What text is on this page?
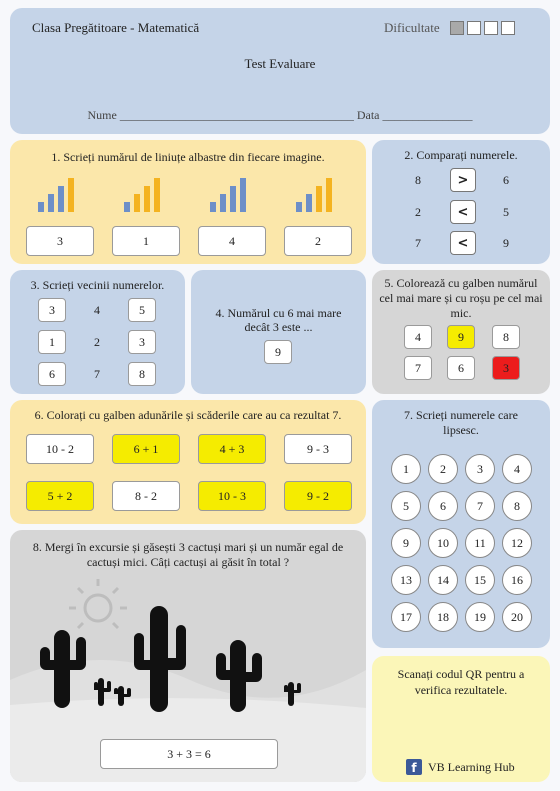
Clasa Pregătitoare - Matematică	Dificultate
Test Evaluare
Nume _______________________________________ Data _______________
1. Scrieți numărul de liniuțe albastre din fiecare imagine.
3	1	4	2
2. Comparați numerele.
8	>	6
2	<	5
7	<	9
3. Scrieți vecinii numerelor.
3	4	5
1	2	3
6	7	8
4. Numărul cu 6 mai mare decât 3 este ...
9
5. Colorează cu galben numărul cel mai mare și cu roșu pe cel mai mic.
4	9	8
7	6	3
6. Colorați cu galben adunările și scăderile care au ca rezultat 7.
10 - 2	6 + 1	4 + 3	9 - 3
5 + 2	8 - 2	10 - 3	9 - 2
7. Scrieți numerele care lipsesc.
1	2	3	4
5	6	7	8
9	10	11	12
13	14	15	16
17	18	19	20
8. Mergi în excursie și găsești 3 cactuși mari și un număr egal de cactuși mici. Câți cactuși ai găsit în total ?
3 + 3 = 6
Scanați codul QR pentru a verifica rezultatele.
f VB Learning Hub
